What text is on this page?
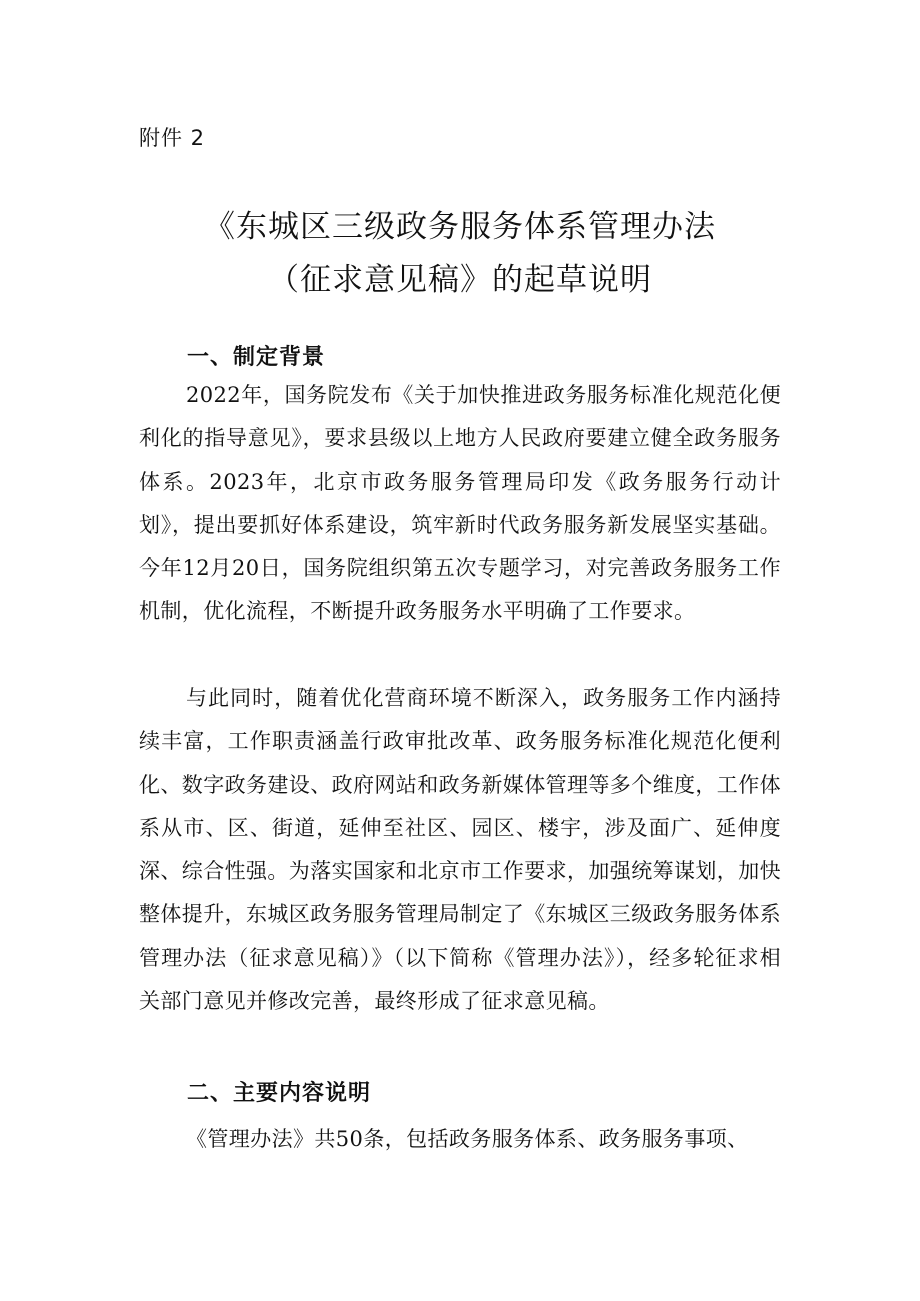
附件 2
《东城区三级政务服务体系管理办法
（征求意见稿》的起草说明
一、制定背景
2022年，国务院发布《关于加快推进政务服务标准化规范化便利化的指导意见》，要求县级以上地方人民政府要建立健全政务服务体系。2023年，北京市政务服务管理局印发《政务服务行动计划》，提出要抓好体系建设，筑牢新时代政务服务新发展坚实基础。今年12月20日，国务院组织第五次专题学习，对完善政务服务工作机制，优化流程，不断提升政务服务水平明确了工作要求。
与此同时，随着优化营商环境不断深入，政务服务工作内涵持续丰富，工作职责涵盖行政审批改革、政务服务标准化规范化便利化、数字政务建设、政府网站和政务新媒体管理等多个维度，工作体系从市、区、街道，延伸至社区、园区、楼宇，涉及面广、延伸度深、综合性强。为落实国家和北京市工作要求，加强统筹谋划，加快整体提升，东城区政务服务管理局制定了《东城区三级政务服务体系管理办法（征求意见稿）》（以下简称《管理办法》），经多轮征求相关部门意见并修改完善，最终形成了征求意见稿。
二、主要内容说明
《管理办法》共50条，包括政务服务体系、政务服务事项、
